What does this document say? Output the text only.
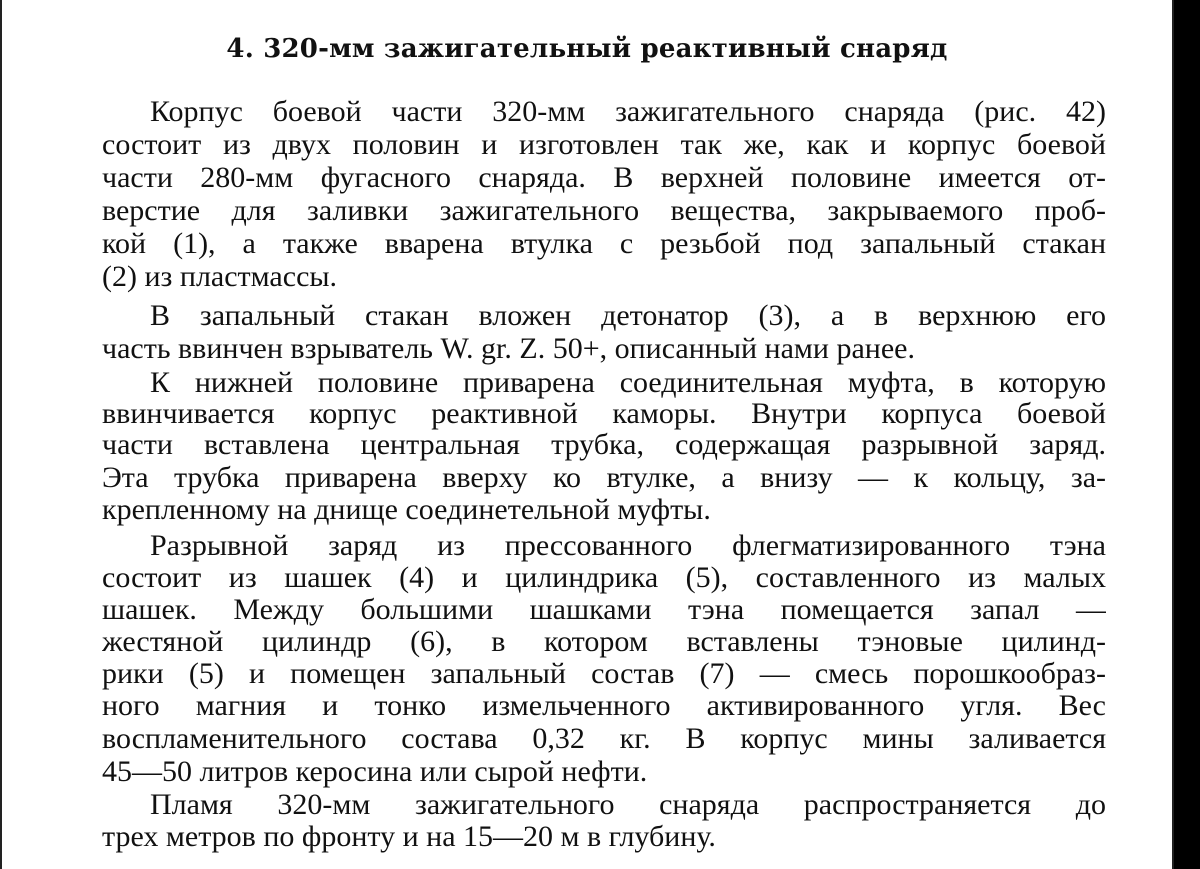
4. 320-мм зажигательный реактивный снаряд
Корпус боевой части 320-мм зажигательного снаряда (рис. 42)
состоит из двух половин и изготовлен так же, как и корпус боевой
части 280-мм фугасного снаряда. В верхней половине имеется от-
верстие для заливки зажигательного вещества, закрываемого проб-
кой (1), а также вварена втулка с резьбой под запальный стакан
(2) из пластмассы.
В запальный стакан вложен детонатор (3), а в верхнюю его
часть ввинчен взрыватель W. gr. Z. 50+, описанный нами ранее.
К нижней половине приварена соединительная муфта, в которую
ввинчивается корпус реактивной каморы. Внутри корпуса боевой
части вставлена центральная трубка, содержащая разрывной заряд.
Эта трубка приварена вверху ко втулке, а внизу — к кольцу, за-
крепленному на днище соединетельной муфты.
Разрывной заряд из прессованного флегматизированного тэна
состоит из шашек (4) и цилиндрика (5), составленного из малых
шашек. Между большими шашками тэна помещается запал —
жестяной цилиндр (6), в котором вставлены тэновые цилинд-
рики (5) и помещен запальный состав (7) — смесь порошкообраз-
ного магния и тонко измельченного активированного угля. Вес
воспламенительного состава 0,32 кг. В корпус мины заливается
45—50 литров керосина или сырой нефти.
Пламя 320-мм зажигательного снаряда распространяется до
трех метров по фронту и на 15—20 м в глубину.
